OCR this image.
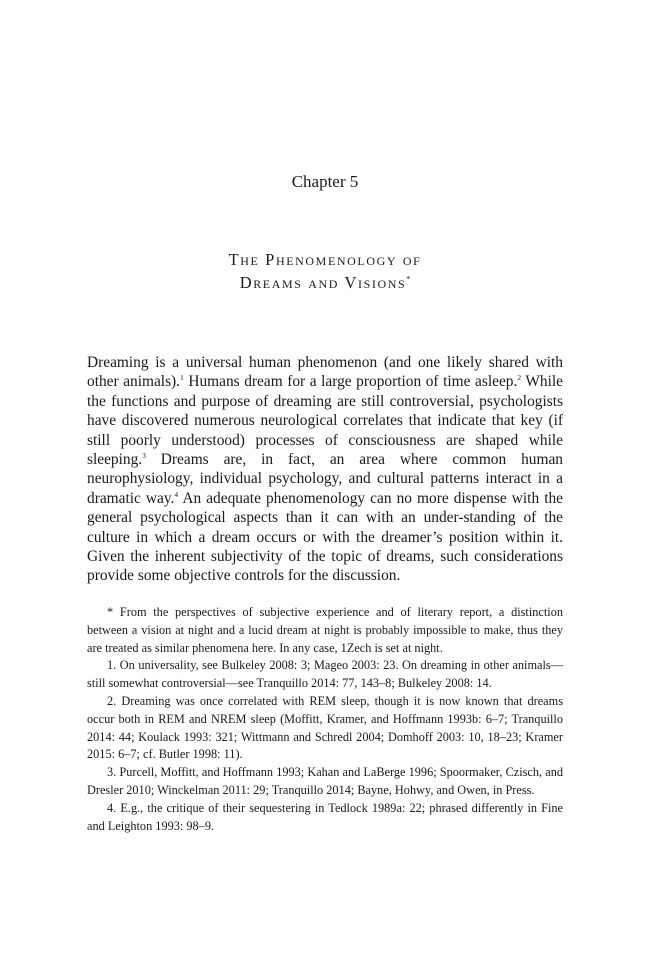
Chapter 5
The Phenomenology of
Dreams and Visions*

Dreaming is a universal human phenomenon (and one likely shared with other animals).$^1$ Humans dream for a large proportion of time asleep.$^2$ While the functions and purpose of dreaming are still controversial, psychologists have discovered numerous neurological correlates that indicate that key (if still poorly understood) processes of consciousness are shaped while sleeping.$^3$ Dreams are, in fact, an area where common human neurophysiology, individual psychology, and cultural patterns interact in a dramatic way.$^4$ An adequate phenomenology can no more dispense with the general psychological aspects than it can with an under-standing of the culture in which a dream occurs or with the dreamer’s position within it. Given the inherent subjectivity of the topic of dreams, such considerations provide some objective controls for the discussion.

* From the perspectives of subjective experience and of literary report, a distinction between a vision at night and a lucid dream at night is probably impossible to make, thus they are treated as similar phenomena here. In any case, 1Zech is set at night.

1. On universality, see Bulkeley 2008: 3; Mageo 2003: 23. On dreaming in other animals—still somewhat controversial—see Tranquillo 2014: 77, 143–8; Bulkeley 2008: 14.

2. Dreaming was once correlated with REM sleep, though it is now known that dreams occur both in REM and NREM sleep (Moffitt, Kramer, and Hoffmann 1993b: 6–7; Tranquillo 2014: 44; Koulack 1993: 321; Wittmann and Schredl 2004; Domhoff 2003: 10, 18–23; Kramer 2015: 6–7; cf. Butler 1998: 11).

3. Purcell, Moffitt, and Hoffmann 1993; Kahan and LaBerge 1996; Spoormaker, Czisch, and Dresler 2010; Winckelman 2011: 29; Tranquillo 2014; Bayne, Hohwy, and Owen, in Press.

4. E.g., the critique of their sequestering in Tedlock 1989a: 22; phrased differently in Fine and Leighton 1993: 98–9.
